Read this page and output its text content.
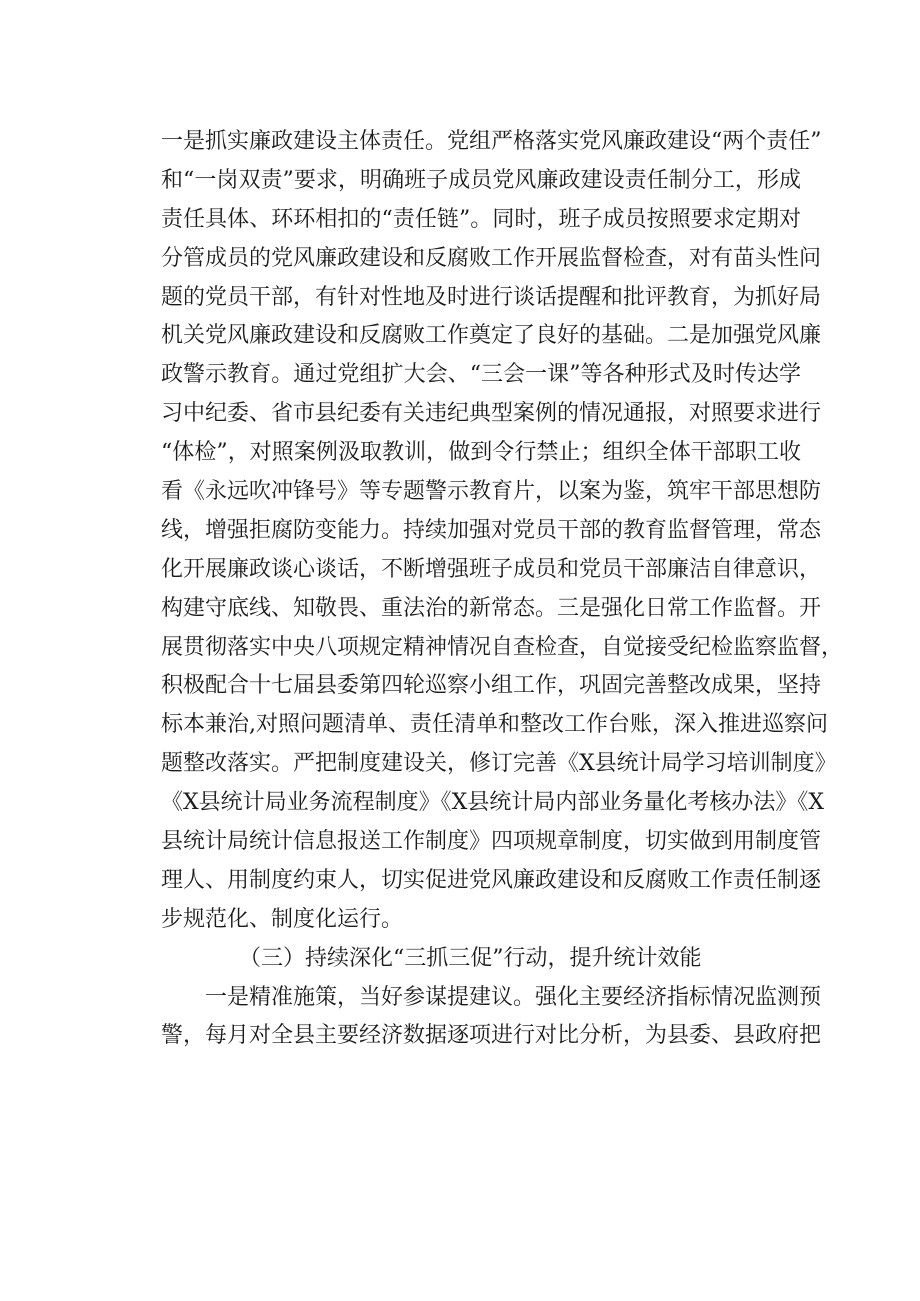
一是抓实廉政建设主体责任。党组严格落实党风廉政建设“两个责任”
和“一岗双责”要求，明确班子成员党风廉政建设责任制分工，形成
责任具体、环环相扣的“责任链”。同时，班子成员按照要求定期对
分管成员的党风廉政建设和反腐败工作开展监督检查，对有苗头性问
题的党员干部，有针对性地及时进行谈话提醒和批评教育，为抓好局
机关党风廉政建设和反腐败工作奠定了良好的基础。二是加强党风廉
政警示教育。通过党组扩大会、“三会一课”等各种形式及时传达学
习中纪委、省市县纪委有关违纪典型案例的情况通报，对照要求进行
“体检”，对照案例汲取教训，做到令行禁止；组织全体干部职工收
看《永远吹冲锋号》等专题警示教育片，以案为鉴，筑牢干部思想防
线，增强拒腐防变能力。持续加强对党员干部的教育监督管理，常态
化开展廉政谈心谈话，不断增强班子成员和党员干部廉洁自律意识，
构建守底线、知敬畏、重法治的新常态。三是强化日常工作监督。开
展贯彻落实中央八项规定精神情况自查检查，自觉接受纪检监察监督，
积极配合十七届县委第四轮巡察小组工作，巩固完善整改成果，坚持
标本兼治,对照问题清单、责任清单和整改工作台账，深入推进巡察问
题整改落实。严把制度建设关，修订完善《X县统计局学习培训制度》
《X县统计局业务流程制度》《X县统计局内部业务量化考核办法》《X
县统计局统计信息报送工作制度》四项规章制度，切实做到用制度管
理人、用制度约束人，切实促进党风廉政建设和反腐败工作责任制逐
步规范化、制度化运行。
（三）持续深化“三抓三促”行动，提升统计效能
　　一是精准施策，当好参谋提建议。强化主要经济指标情况监测预
警，每月对全县主要经济数据逐项进行对比分析，为县委、县政府把
